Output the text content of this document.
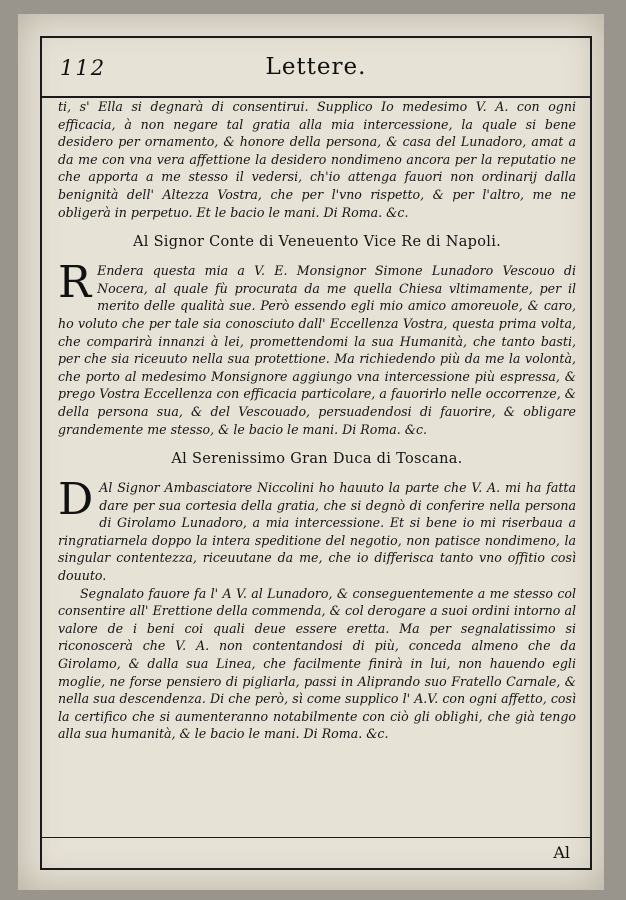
112	Lettere.
Al

ti, s' Ella si degnarà di consentirui. Supplico Io medesimo V. A. con ogni efficacia, à non negare tal gratia alla mia intercessione, la quale si bene desidero per ornamento, & honore della persona, & casa del Lunadoro, amat a da me con vna vera affettione la desidero nondimeno ancora per la reputatio ne che apporta a me stesso il vedersi, ch'io attenga fauori non ordinarij dalla benignità dell' Altezza Vostra, che per l'vno rispetto, & per l'altro, me ne obligerà in perpetuo. Et le bacio le mani. Di Roma. &c.

Al Signor Conte di Veneuento Vice Re di Napoli.

R Endera questa mia a V. E. Monsignor Simone Lunadoro Vescouo di Nocera, al quale fù procurata da me quella Chiesa vltimamente, per il merito delle qualità sue. Però essendo egli mio amico amoreuole, & caro, ho voluto che per tale sia conosciuto dall' Eccellenza Vostra, questa prima volta, che comparirà innanzi à lei, promettendomi la sua Humanità, che tanto basti, per che sia riceuuto nella sua protettione. Ma richiedendo più da me la volontà, che porto al medesimo Monsignore aggiungo vna intercessione più espressa, & prego Vostra Eccellenza con efficacia particolare, a fauorirlo nelle occorrenze, & della persona sua, & del Vescouado, persuadendosi di fauorire, & obligare grandemente me stesso, & le bacio le mani. Di Roma. &c.

Al Serenissimo Gran Duca di Toscana.

D Al Signor Ambasciatore Niccolini ho hauuto la parte che V. A. mi ha fatta dare per sua cortesia della gratia, che si degnò di conferire nella persona di Girolamo Lunadoro, a mia intercessione. Et si bene io mi riserbaua a ringratiarnela doppo la intera speditione del negotio, non patisce nondimeno, la singular contentezza, riceuutane da me, che io differisca tanto vno offitio così douuto.

Segnalato fauore fa l' A V. al Lunadoro, & conseguentemente a me stesso col consentire all' Erettione della commenda, & col derogare a suoi ordini intorno al valore de i beni coi quali deue essere eretta. Ma per segnalatissimo si riconoscerà che V. A. non contentandosi di più, conceda almeno che da Girolamo, & dalla sua Linea, che facilmente finirà in lui, non hauendo egli moglie, ne forse pensiero di pigliarla, passi in Aliprando suo Fratello Carnale, & nella sua descendenza. Di che però, sì come supplico l' A.V. con ogni affetto, così la certifico che si aumenteranno notabilmente con ciò gli oblighi, che già tengo alla sua humanità, & le bacio le mani. Di Roma. &c.
